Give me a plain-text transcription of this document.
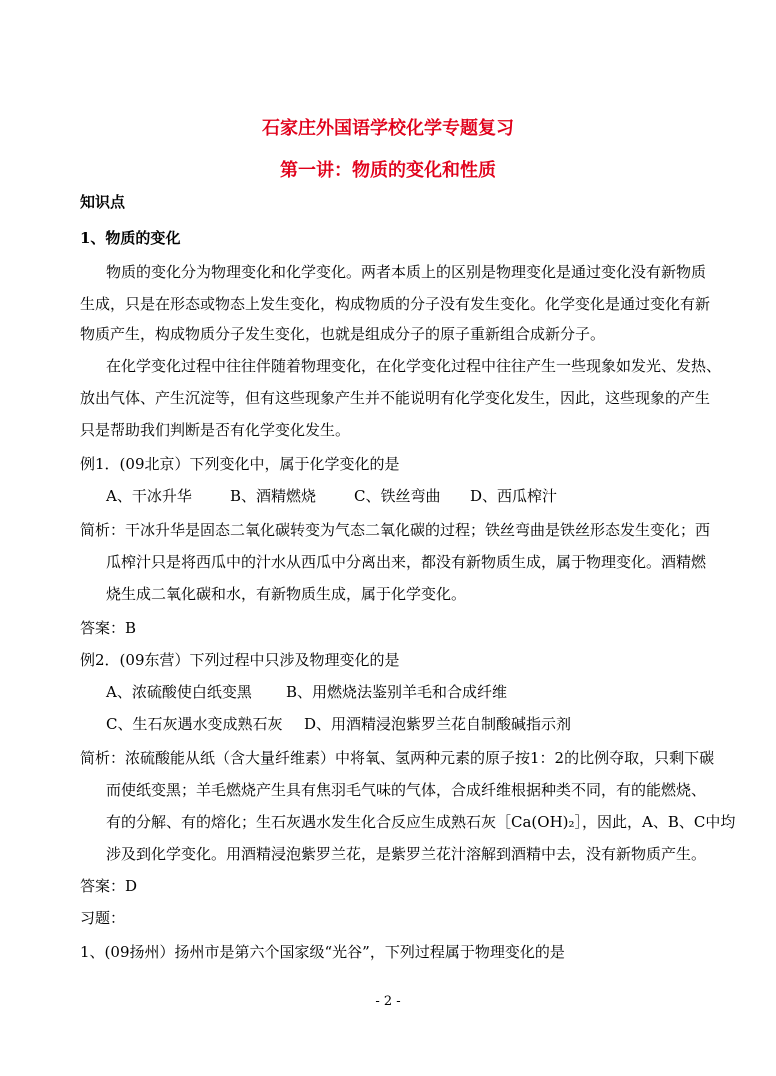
石家庄外国语学校化学专题复习
第一讲：物质的变化和性质
知识点
1、物质的变化
物质的变化分为物理变化和化学变化。两者本质上的区别是物理变化是通过变化没有新物质
生成，只是在形态或物态上发生变化，构成物质的分子没有发生变化。化学变化是通过变化有新
物质产生，构成物质分子发生变化，也就是组成分子的原子重新组合成新分子。
在化学变化过程中往往伴随着物理变化，在化学变化过程中往往产生一些现象如发光、发热、
放出气体、产生沉淀等，但有这些现象产生并不能说明有化学变化发生，因此，这些现象的产生
只是帮助我们判断是否有化学变化发生。
例1．(09北京）下列变化中，属于化学变化的是
A、干冰升华	B、酒精燃烧	C、铁丝弯曲 D、西瓜榨汁
简析：干冰升华是固态二氧化碳转变为气态二氧化碳的过程；铁丝弯曲是铁丝形态发生变化；西
瓜榨汁只是将西瓜中的汁水从西瓜中分离出来，都没有新物质生成，属于物理变化。酒精燃
烧生成二氧化碳和水，有新物质生成，属于化学变化。
答案：B
例2．(09东营）下列过程中只涉及物理变化的是
A、浓硫酸使白纸变黑 B、用燃烧法鉴别羊毛和合成纤维
C、生石灰遇水变成熟石灰 D、用酒精浸泡紫罗兰花自制酸碱指示剂
简析：浓硫酸能从纸（含大量纤维素）中将氧、氢两种元素的原子按1：2的比例夺取，只剩下碳
而使纸变黑；羊毛燃烧产生具有焦羽毛气味的气体，合成纤维根据种类不同，有的能燃烧、
有的分解、有的熔化；生石灰遇水发生化合反应生成熟石灰［Ca(OH)₂］，因此，A、B、C中均
涉及到化学变化。用酒精浸泡紫罗兰花，是紫罗兰花汁溶解到酒精中去，没有新物质产生。
答案：D
习题：
1、(09扬州）扬州市是第六个国家级“光谷”，下列过程属于物理变化的是
- 2 -
